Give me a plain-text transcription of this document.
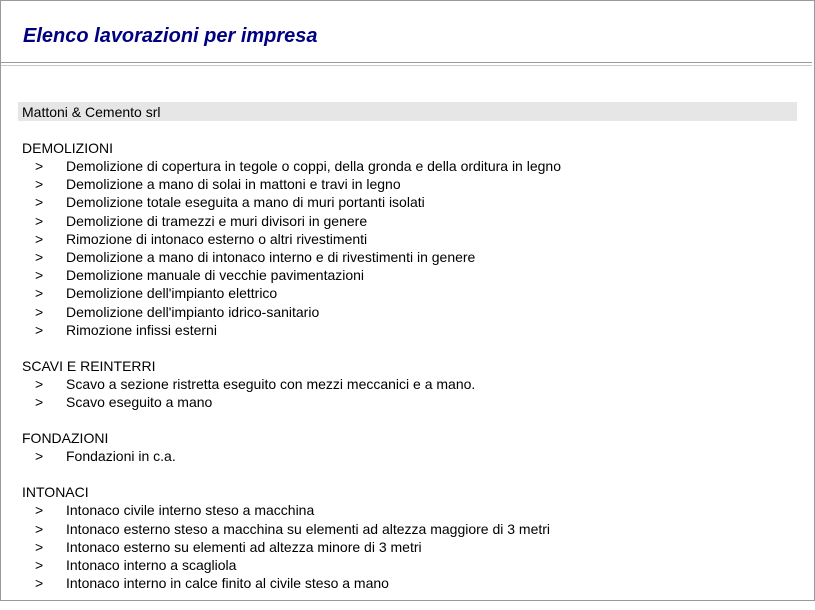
Elenco lavorazioni per impresa
Mattoni & Cemento srl
DEMOLIZIONI
> Demolizione di copertura in tegole o coppi, della gronda e della orditura in legno
> Demolizione a mano di solai in mattoni e travi in legno
> Demolizione totale eseguita a mano di muri portanti isolati
> Demolizione di tramezzi e muri divisori in genere
> Rimozione di intonaco esterno o altri rivestimenti
> Demolizione a mano di intonaco interno e di rivestimenti in genere
> Demolizione manuale di vecchie pavimentazioni
> Demolizione dell'impianto elettrico
> Demolizione dell'impianto idrico-sanitario
> Rimozione infissi esterni
SCAVI E REINTERRI
> Scavo a sezione ristretta eseguito con mezzi meccanici e a mano.
> Scavo eseguito a mano
FONDAZIONI
> Fondazioni in c.a.
INTONACI
> Intonaco civile interno steso a macchina
> Intonaco esterno steso a macchina su elementi ad altezza maggiore di 3 metri
> Intonaco esterno su elementi ad altezza minore di 3 metri
> Intonaco interno a scagliola
> Intonaco interno in calce finito al civile steso a mano
